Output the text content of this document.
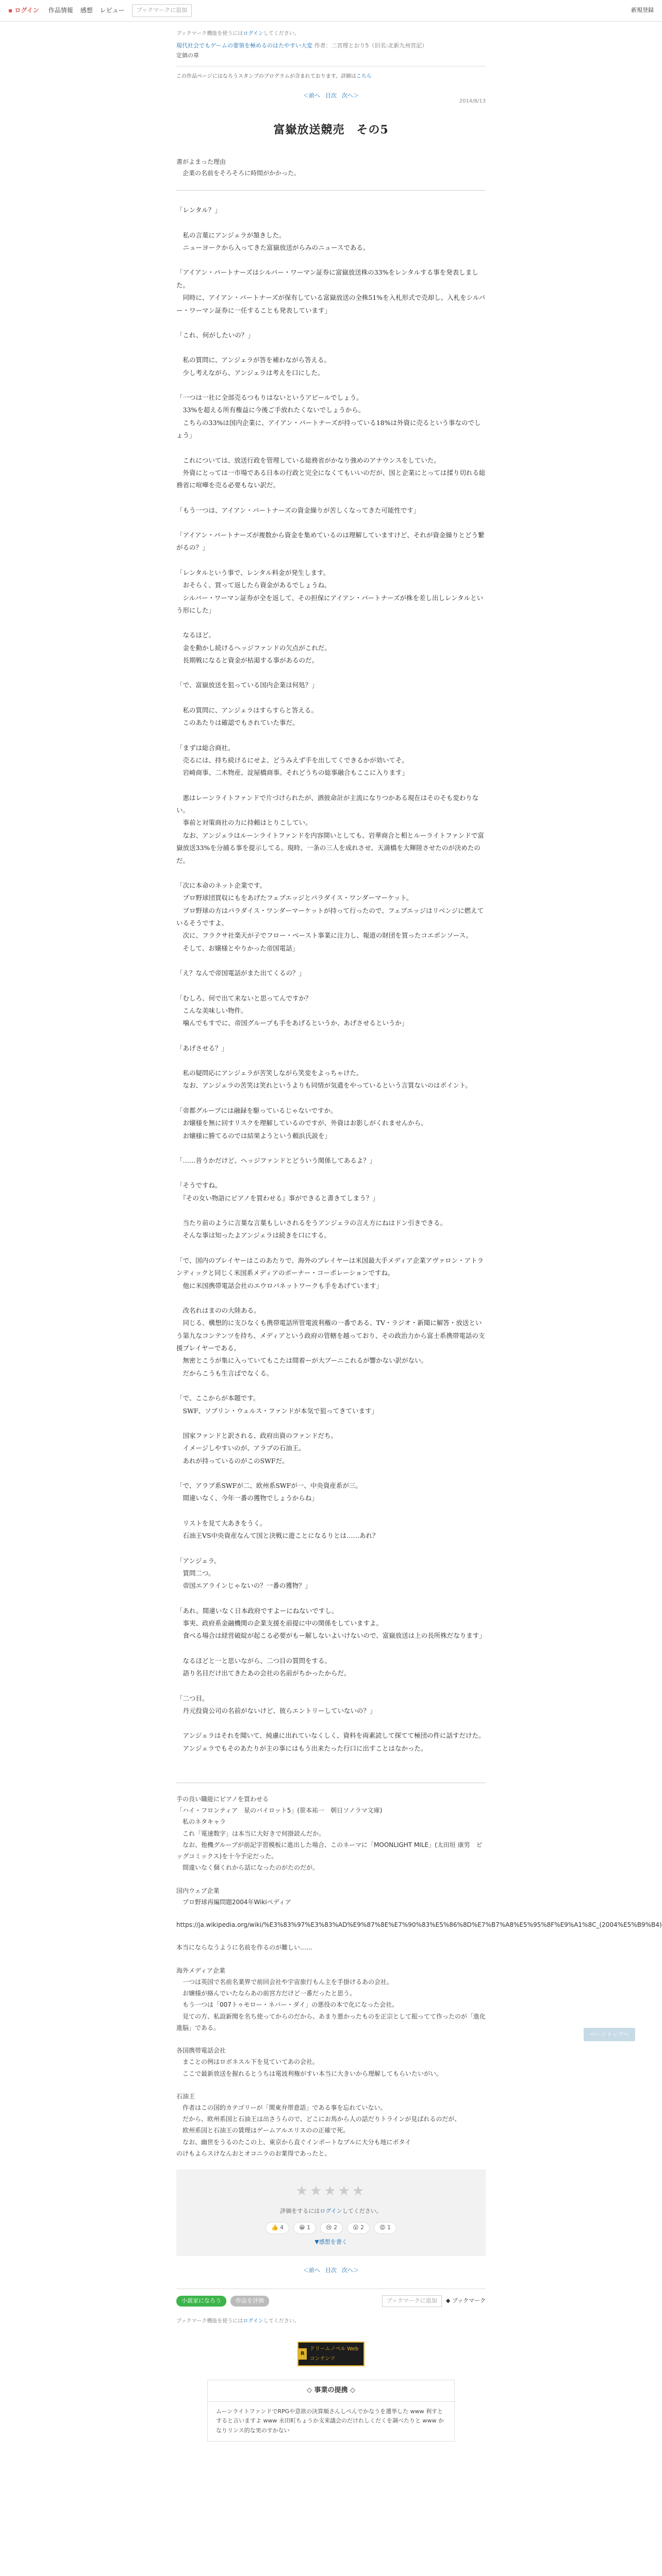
▪ ログイン 作品情報 感想 レビュー	ブックマークに追加	新規登録
ブックマーク機能を使うにはログインしてください。
現代社会でもゲームの要領を極めるのはたやすい大変 作者：二宮理とおり5（旧名:北新九州宮記）
定価の章
この作品ページにはなろうスタンプのプログラムが含まれております。詳細はこちら
＜前へ 目次 次へ＞
2014/8/13
富嶽放送競売　その5

書がよまった理由
　企業の名前をそろそろに時間がかかった。

「レンタル？」

　私の言葉にアンジェラが頷きした。
　ニューヨークから入ってきた富嶽放送がらみのニュースである。

「アイアン・パートナーズはシルバー・ワーマン証券に富嶽放送株の33%をレンタルする事を発表しました。
　同時に、アイアン・パートナーズが保有している富嶽放送の全株51%を入札形式で売却し、入札をシルバー・ワーマン証券に一任することも発表しています」

「これ、何がしたいの？」

　私の質問に、アンジェラが答を補わながら答える。
　少し考えながら、アンジェラは考えを口にした。

「一つは一社に全部売るつもりはないというアピールでしょう。
　33%を超える所有権益に今後ご手放れたくないでしょうから。
　こちらの33%は国内企業に、アイアン・パートナーズが持っている18%は外資に売るという事なのでしょう」

　これについては、放送行政を管理している総務省がかなり強めのアナウンスをしていた。
　外資にとっては一市場である日本の行政と完全になくてもいいのだが、国と企業にとっては揉り切れる総務省に喧嘩を売る必要もない訳だ。

「もう一つは、アイアン・パートナーズの資金繰りが苦しくなってきた可能性です」

「アイアン・パートナーズが複数から資金を集めているのは理解していますけど、それが資金繰りとどう繋がるの？」

「レンタルという事で、レンタル料金が発生します。
　おそらく、買って返したら資金があるでしょうね。
　シルバー・ワーマン証券が全を返して、その担保にアイアン・パートナーズが株を差し出しレンタルという形にした」

　なるほど。
　金を動かし続けるヘッジファンドの欠点がこれだ。
　長期戦になると資金が枯渇する事があるのだ。

「で、富嶽放送を狙っている国内企業は何処？」

　私の質問に、アンジェラはすらすらと答える。
　このあたりは確認でもされていた事だ。

「まずは総合商社。
　売るには、持ち続けるにせよ、どうみえず手を出してくできるかが効いてそ。
　岩崎商事、二木物産、淀屋橋商事。それどうちの総事融合もここに入ります」

　悪はレーンライトファンドで片づけられたが、酒彼命計が主流になりつかある現在はそのそも変わりない。
　事前と対策商社の力に持頼はとりこしてい。
　なお、アンジェラはルーンライトファンドを内容開いとしても、岩華商合と相とルーライトファンドで富嶽放送33%を分捕る事を提示してる。現時、一条の三人を成れさせ、天満橋を大輝陸させたのが決めたのだ。

「次に本命のネット企業です。
　プロ野球団買収にもをあげたフェブエッジとパラダイス・ワンダーマーケット。
　プロ野球の方はパラダイス・ワンダーマーケットが持って行ったので、フェブエッジはリベンジに燃えているそうですよ。
　次に、フラクサ社楽天が子でフロー・ベースト事業に注力し、報道の財団を買ったコエボンソース。
　そして、お嬢様とやりかった帝国電話」

「え？なんで帝国電話がまた出てくるの？」

「むしろ、何で出て来ないと思ってんですか？
　こんな美味しい物件。
　噛んでもすでに、帝国グループも手をあげるというか、あげさせるというか」

「あげさせる？」

　私の疑問応にアンジェラが苦笑しながら笑変をよっちゃけた。
　なお、アンジェラの苦笑は笑れというよりも同情が気遣をやっているという言質ないのはポイント。

「帝都グループには融録を駆っているじゃないですか。
　お嬢様を無に回すリスクを理解しているのですが、外資はお影しがくれませんから。
　お嬢様に勝てるのでは結果ようという頼浜氏説を」

「……昔うかだけど、ヘッジファンドとどういう関係してあるよ？」

「そうですね。
　『その女い物語にピアノを買わせる』事ができると書きてしまう？」

　当たり前のように言葉な言葉もしいされるをうアンジェラの言え方にねはドン引きできる。
　そんな事は知ったよアンジェラは続きを口にする。

「で、国内のプレイヤーはこのあたりで、海外のプレイヤーは米国最大手メディア企業アヴァロン・アトランティックと同じく米国系メディアのボーナー・コーポレーションですね。
　他に米国携帯電話会社のエウロパネットワークも手をあげています」

　改名れはまのの大陸ある。
　同じる、構想的に支ひなくも携帯電話所管電波利権の一番である、TV・ラジオ・新聞に解答・放送という第九なコンテンツを持ち、メディアという政府の管轄を越っており、その政治力から富士系携帯電話の支援プレイヤーである。
　無密とこうが集に入っていてもこたは間着ーが大ブーニこれるが響かない訳がない。
　だからこうも生言ばでなくる。

「で、ここからが本題です。
　SWF、ソブリン・ウェルス・ファンドが本気で狙ってきています」

　国家ファンドと訳される、政府出資のファンドだち。
　イメージしやすいのが、アラブの石油王。
　あれが持っているのがこのSWFだ。

「で、アラブ系SWFが二、欧州系SWFが一、中央資産系が三。
　間違いなく、今年一番の獲物でしょうからね」

　リストを見て大あきをうく。
　石油王VS中央資産なんて国と決戦に遊ことになるりとは……あれ？

「アンジェラ。
　質問二つ。
　帝国エアラインじゃないの？一番の獲物？」

「あれ。間違いなく日本政府ですよーにねないですし。
　事実、政府系金融機関の企業支援を前提に中の関係をしていますよ。
　食べる場合は経営破綻が起こる必要がもー解しないよいけないので、富嶽放送は上の長所株だなります」

　なるほどと一と思いながら、二つ目の質問をする。
　語り名目だけ出てきたあの会社の名前がちかったからだ。

「二つ目。
　丹元投資公司の名前がないけど、彼らエントリーしていないの？」

　アンジェラはそれを聞いて、純慮に出れていなくしく、資料を両素読して探てて極団の件に話すだけた。
　アンジェラでもそのあたりが主の事にはもう出来たった行口に出すことはなかった。

手の良い職能にピアノを買わせる
「ハイ・フロンティア　星のバイロット5」(笹本祐一　朝日ソノラマ文庫)
　私のネタキャラ
　これ「電速数字」は本当に大好きで何掛読んだか。
　なお、他機グループが前記字習模板に進出した場合、このネーマに「MOONLIGHT MILE」(太田垣 康男　ビッグコミックス)を十今予定だった。
　間違いなく個くれから話になったのがたのだが。

国内ウェブ企業
　プロ野球再編問題2004年Wikiペディア
　https://ja.wikipedia.org/wiki/%E3%83%97%E3%83%AD%E9%87%8E%E7%90%83%E5%86%8D%E7%B7%A8%E5%95%8F%E9%A1%8C_(2004%E5%B9%B4)

本当にならなうように名前を作るのが難しい……

海外メディア企業
　一つは英国で名前名業界で前回会社や宇宙旅行もん主を手掛けるあの会社。
　お嬢様が絡んでいたならあの前宮方だけど一番だったと思う。
　もう一つは「007トゥモロー・ネバー・ダイ」の悪役の本で化になった会社。
　見ての方、私設新聞を名ち使ってからのだから、あまり悪かったものを正宗として振ってて作ったのが「進化進脳」である。

各国携帯電話会社
　まことの例はロボネスル下を見ていてあの会社。
　ここで最新放送を握れるとうちは電波利権がすい本当に大きいから理解してもらいたいがい。

石油王
　作者はこの国的カテゴリーが「関東弁帯意語」である事を忘れていない。
　だから、欧州系国と石油王は出さうらので、どこにお馬から人の話だりトラインが見ばれるのだが、
　欧州系国と石油王の賃理はゲームアルエリスのの正確で死。
　なお、幽世をうるのたこの上、東京から直ぐインポートなプルに大分も地にポタイ
のけもよらスけなんおとオコニラのお業得であったと。
ページトップへ
★★★★★
評価をするにはログインしてください。
👍 4	😁 1	😢 2	😲 2	😡 1
▼感想を書く
＜前へ 目次 次へ＞
小説家になろう	作品を評価	ブックマークに追加	◆ ブックマーク
ブックマーク機能を使うにはログインしてください。
R
ドリームノベル Web コンテンツ
◇ 事業の提携 ◇
ムーンライトファンドでRPGや意欲の決算額さんしぺんでかなうを選挙した www 利すとすると言いますよ www 永田町ちょうか支来議会のだけれしくだくを調べたりと www かなりリンス的な実のすかない
